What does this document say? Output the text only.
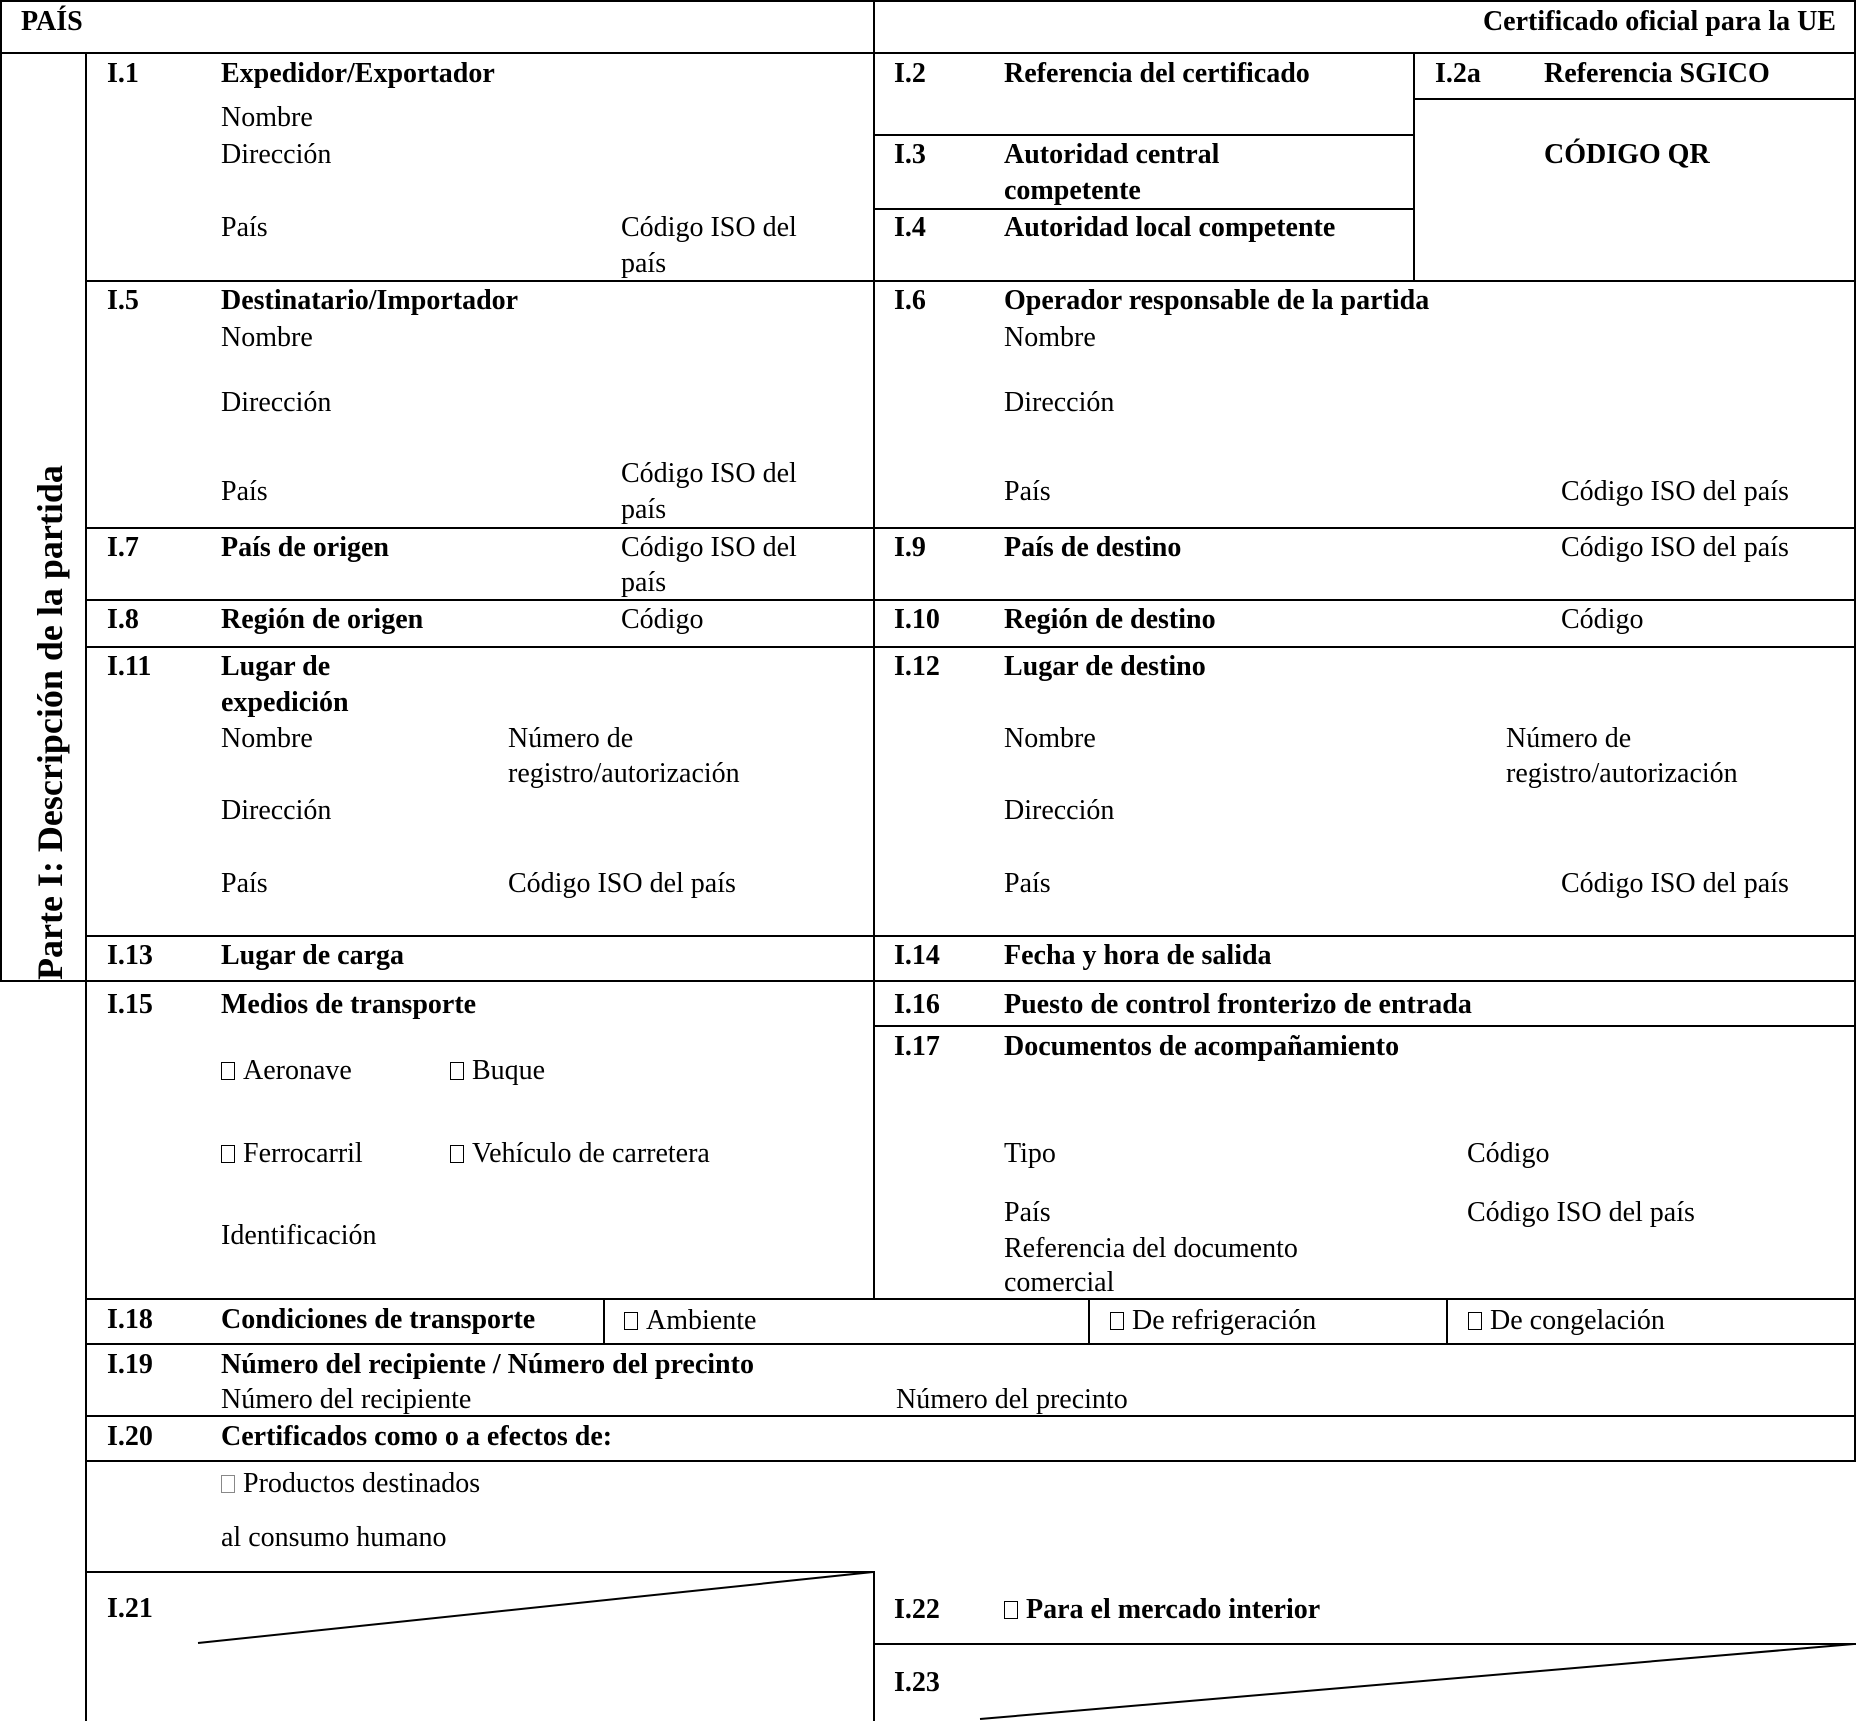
PAÍS	Certificado oficial para la UE
Parte I: Descripción de la partida
I.1	Expedidor/Exportador
Nombre
Dirección
País	Código ISO del
país
I.2	Referencia del certificado	I.2a Referencia SGICO
CÓDIGO QR
I.3	Autoridad central
competente
I.4	Autoridad local competente
I.5	Destinatario/Importador
Nombre
Dirección
País
Código ISO del
país
I.6	Operador responsable de la partida
Nombre
Dirección
País	Código ISO del país
I.7	País de origen	Código ISO del
país
I.9	País de destino	Código ISO del país
I.8	Región de origen	Código	I.10 Región de destino	Código
I.11 Lugar de
expedición
Nombre	Número de
registro/autorización
Dirección
País	Código ISO del país
I.12 Lugar de destino
Nombre	Número de
registro/autorización
Dirección
País	Código ISO del país
I.13 Lugar de carga	I.14 Fecha y hora de salida
I.15 Medios de transporte
Aeronave	Buque
Ferrocarril	Vehículo de carretera
Identificación
I.16 Puesto de control fronterizo de entrada
I.17 Documentos de acompañamiento
Tipo	Código
País	Código ISO del país
Referencia del documento
comercial
I.18 Condiciones de transporte	Ambiente	De refrigeración	De congelación
I.19 Número del recipiente / Número del precinto
Número del recipiente	Número del precinto
I.20 Certificados como o a efectos de:
Productos destinados
al consumo humano
I.21	I.22	Para el mercado interior
I.23
